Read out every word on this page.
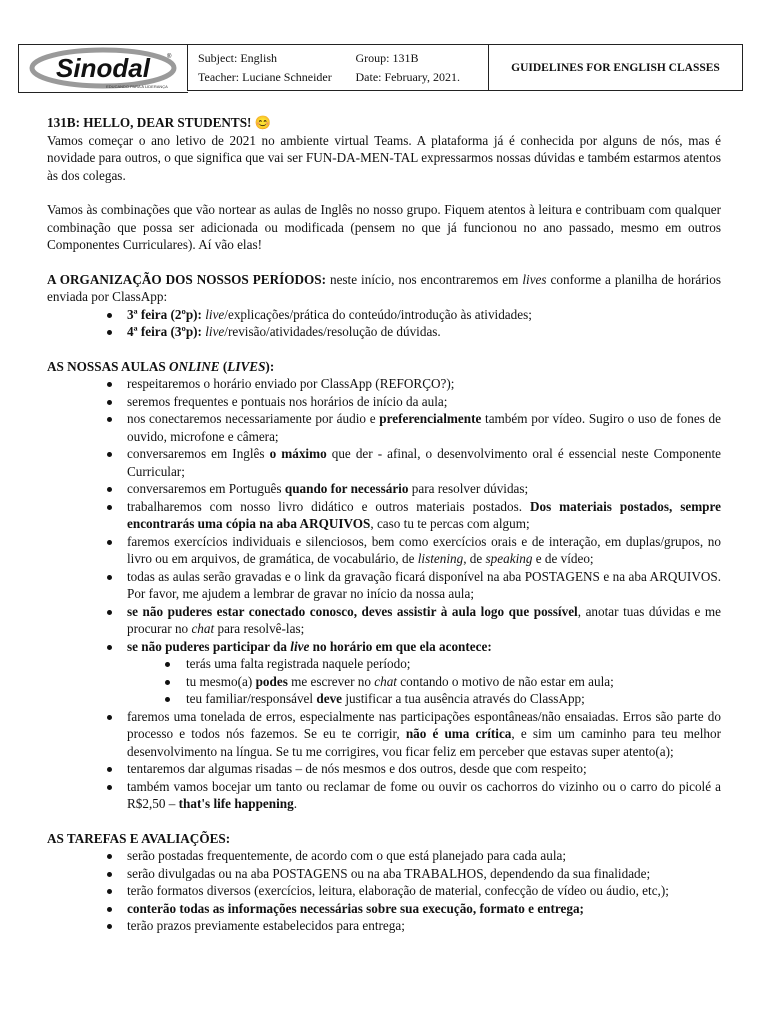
Sinodal	®
EDUCANDO PARA A LIDERANÇA
Subject: English
Teacher: Luciane Schneider

Group: 131B
Date: February, 2021.
	GUIDELINES FOR ENGLISH CLASSES

131B: HELLO, DEAR STUDENTS! 😊

Vamos começar o ano letivo de 2021 no ambiente virtual Teams. A plataforma já é conhecida por alguns de nós, mas é novidade para outros, o que significa que vai ser FUN-DA-MEN-TAL expressarmos nossas dúvidas e também estarmos atentos às dos colegas.

Vamos às combinações que vão nortear as aulas de Inglês no nosso grupo. Fiquem atentos à leitura e contribuam com qualquer combinação que possa ser adicionada ou modificada (pensem no que já funcionou no ano passado, mesmo em outros Componentes Curriculares). Aí vão elas!

A ORGANIZAÇÃO DOS NOSSOS PERÍODOS: neste início, nos encontraremos em lives conforme a planilha de horários enviada por ClassApp:

3ª feira (2ºp): live/explicações/prática do conteúdo/introdução às atividades;
4ª feira (3ºp): live/revisão/atividades/resolução de dúvidas.

AS NOSSAS AULAS ONLINE (LIVES):

respeitaremos o horário enviado por ClassApp (REFORÇO?);
seremos frequentes e pontuais nos horários de início da aula;
nos conectaremos necessariamente por áudio e preferencialmente também por vídeo. Sugiro o uso de fones de ouvido, microfone e câmera;
conversaremos em Inglês o máximo que der - afinal, o desenvolvimento oral é essencial neste Componente Curricular;
conversaremos em Português quando for necessário para resolver dúvidas;
trabalharemos com nosso livro didático e outros materiais postados. Dos materiais postados, sempre encontrarás uma cópia na aba ARQUIVOS, caso tu te percas com algum;
faremos exercícios individuais e silenciosos, bem como exercícios orais e de interação, em duplas/grupos, no livro ou em arquivos, de gramática, de vocabulário, de listening, de speaking e de vídeo;
todas as aulas serão gravadas e o link da gravação ficará disponível na aba POSTAGENS e na aba ARQUIVOS. Por favor, me ajudem a lembrar de gravar no início da nossa aula;
se não puderes estar conectado conosco, deves assistir à aula logo que possível, anotar tuas dúvidas e me procurar no chat para resolvê-las;
se não puderes participar da live no horário em que ela acontece:
terás uma falta registrada naquele período;
tu mesmo(a) podes me escrever no chat contando o motivo de não estar em aula;
teu familiar/responsável deve justificar a tua ausência através do ClassApp;
faremos uma tonelada de erros, especialmente nas participações espontâneas/não ensaiadas. Erros são parte do processo e todos nós fazemos. Se eu te corrigir, não é uma crítica, e sim um caminho para teu melhor desenvolvimento na língua. Se tu me corrigires, vou ficar feliz em perceber que estavas super atento(a);
tentaremos dar algumas risadas – de nós mesmos e dos outros, desde que com respeito;
também vamos bocejar um tanto ou reclamar de fome ou ouvir os cachorros do vizinho ou o carro do picolé a R$2,50 – that's life happening.

AS TAREFAS E AVALIAÇÕES:

serão postadas frequentemente, de acordo com o que está planejado para cada aula;
serão divulgadas ou na aba POSTAGENS ou na aba TRABALHOS, dependendo da sua finalidade;
terão formatos diversos (exercícios, leitura, elaboração de material, confecção de vídeo ou áudio, etc,);
conterão todas as informações necessárias sobre sua execução, formato e entrega;
terão prazos previamente estabelecidos para entrega;
